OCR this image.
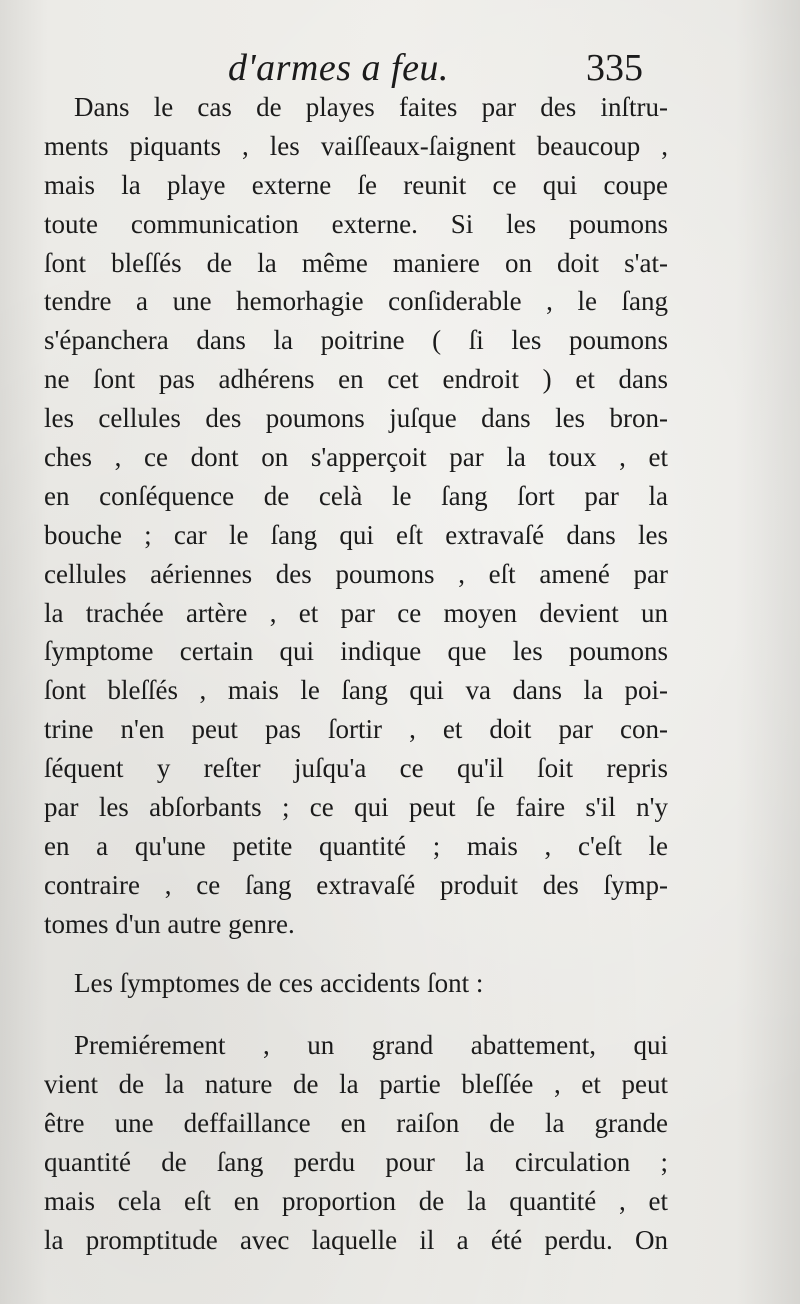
d'armes a feu.	335
Dans le cas de playes faites par des inſtru-
ments piquants , les vaiſſeaux-ſaignent beaucoup ,
mais la playe externe ſe reunit ce qui coupe
toute communication externe. Si les poumons
ſont bleſſés de la même maniere on doit s'at-
tendre a une hemorhagie conſiderable , le ſang
s'épanchera dans la poitrine ( ſi les poumons
ne ſont pas adhérens en cet endroit ) et dans
les cellules des poumons juſque dans les bron-
ches , ce dont on s'apperçoit par la toux , et
en conſéquence de celà le ſang ſort par la
bouche ; car le ſang qui eſt extravaſé dans les
cellules aériennes des poumons , eſt amené par
la trachée artère , et par ce moyen devient un
ſymptome certain qui indique que les poumons
ſont bleſſés , mais le ſang qui va dans la poi-
trine n'en peut pas ſortir , et doit par con-
ſéquent y reſter juſqu'a ce qu'il ſoit repris
par les abſorbants ; ce qui peut ſe faire s'il n'y
en a qu'une petite quantité ; mais , c'eſt le
contraire , ce ſang extravaſé produit des ſymp-
tomes d'un autre genre.
Les ſymptomes de ces accidents ſont :
Premiérement , un grand abattement, qui
vient de la nature de la partie bleſſée , et peut
être une deffaillance en raiſon de la grande
quantité de ſang perdu pour la circulation ;
mais cela eſt en proportion de la quantité , et
la promptitude avec laquelle il a été perdu. On
